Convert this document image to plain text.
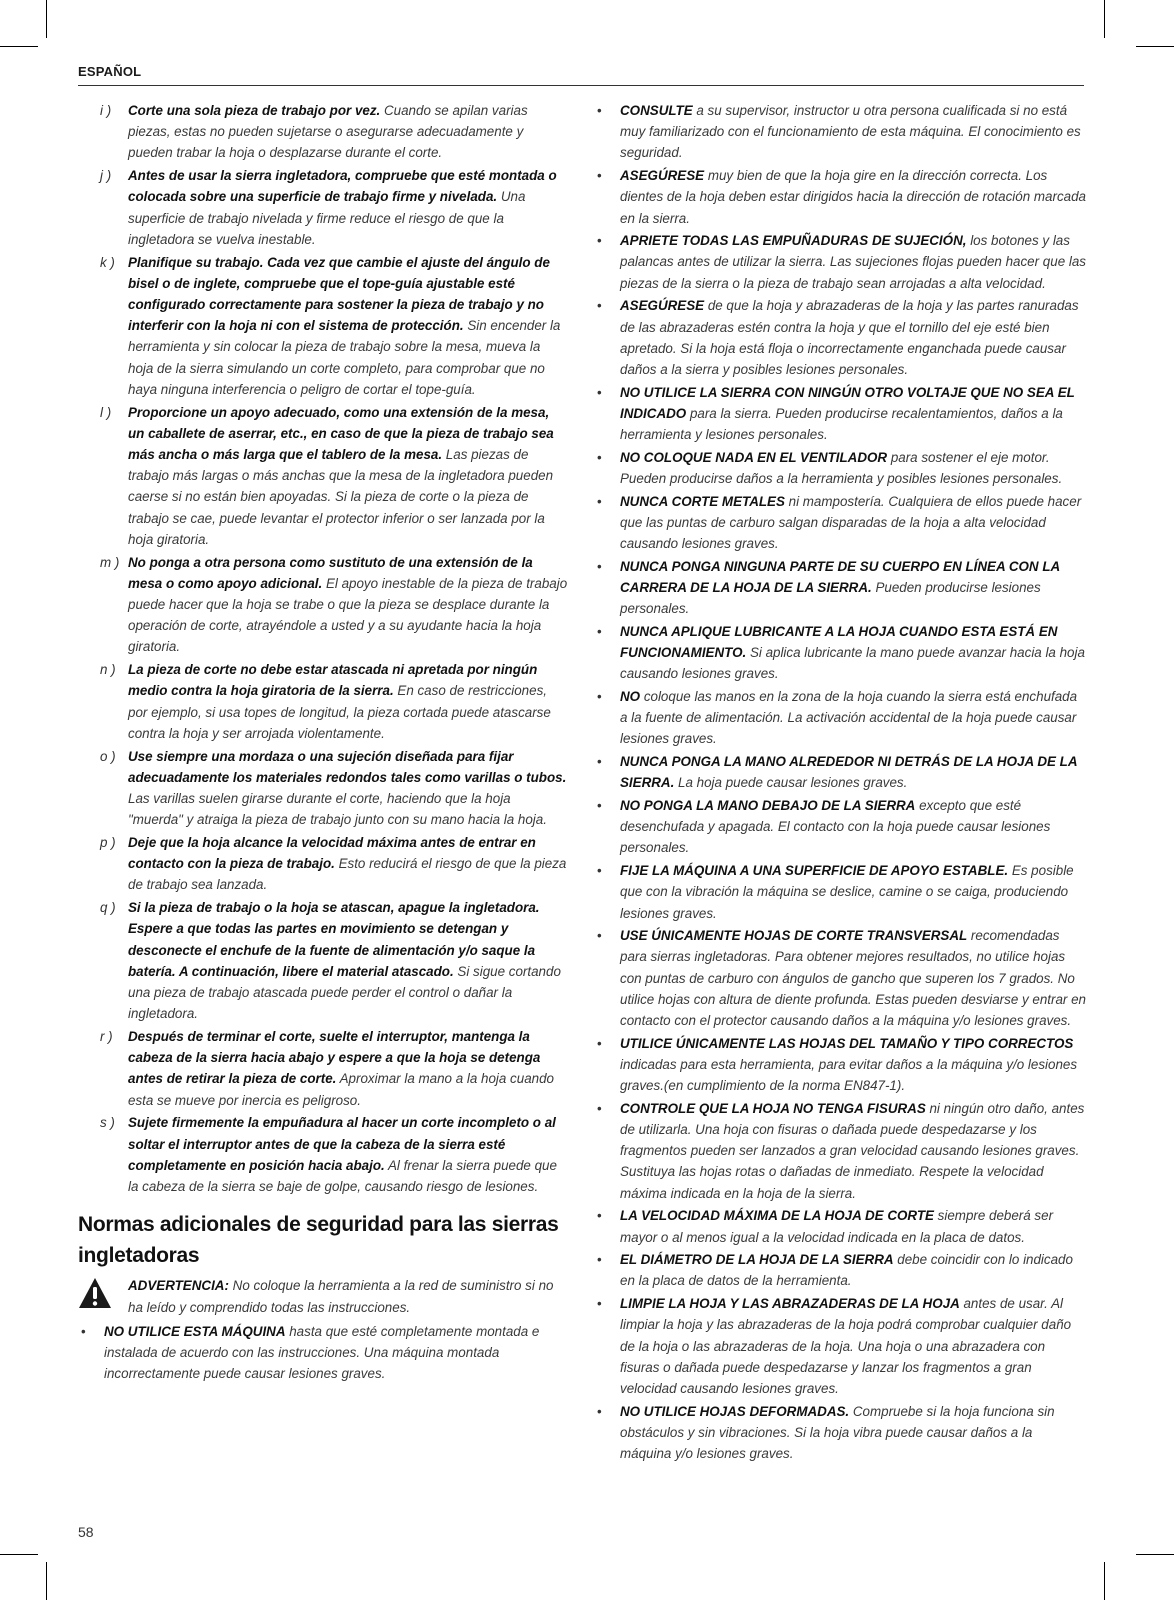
ESPAÑOL
i ) Corte una sola pieza de trabajo por vez. Cuando se apilan varias piezas, estas no pueden sujetarse o asegurarse adecuadamente y pueden trabar la hoja o desplazarse durante el corte.
j ) Antes de usar la sierra ingletadora, compruebe que esté montada o colocada sobre una superficie de trabajo firme y nivelada. Una superficie de trabajo nivelada y firme reduce el riesgo de que la ingletadora se vuelva inestable.
k ) Planifique su trabajo. Cada vez que cambie el ajuste del ángulo de bisel o de inglete, compruebe que el tope-guía ajustable esté configurado correctamente para sostener la pieza de trabajo y no interferir con la hoja ni con el sistema de protección. Sin encender la herramienta y sin colocar la pieza de trabajo sobre la mesa, mueva la hoja de la sierra simulando un corte completo, para comprobar que no haya ninguna interferencia o peligro de cortar el tope-guía.
l ) Proporcione un apoyo adecuado, como una extensión de la mesa, un caballete de aserrar, etc., en caso de que la pieza de trabajo sea más ancha o más larga que el tablero de la mesa. Las piezas de trabajo más largas o más anchas que la mesa de la ingletadora pueden caerse si no están bien apoyadas. Si la pieza de corte o la pieza de trabajo se cae, puede levantar el protector inferior o ser lanzada por la hoja giratoria.
m ) No ponga a otra persona como sustituto de una extensión de la mesa o como apoyo adicional. El apoyo inestable de la pieza de trabajo puede hacer que la hoja se trabe o que la pieza se desplace durante la operación de corte, atrayéndole a usted y a su ayudante hacia la hoja giratoria.
n ) La pieza de corte no debe estar atascada ni apretada por ningún medio contra la hoja giratoria de la sierra. En caso de restricciones, por ejemplo, si usa topes de longitud, la pieza cortada puede atascarse contra la hoja y ser arrojada violentamente.
o ) Use siempre una mordaza o una sujeción diseñada para fijar adecuadamente los materiales redondos tales como varillas o tubos. Las varillas suelen girarse durante el corte, haciendo que la hoja "muerda" y atraiga la pieza de trabajo junto con su mano hacia la hoja.
p ) Deje que la hoja alcance la velocidad máxima antes de entrar en contacto con la pieza de trabajo. Esto reducirá el riesgo de que la pieza de trabajo sea lanzada.
q ) Si la pieza de trabajo o la hoja se atascan, apague la ingletadora. Espere a que todas las partes en movimiento se detengan y desconecte el enchufe de la fuente de alimentación y/o saque la batería. A continuación, libere el material atascado. Si sigue cortando una pieza de trabajo atascada puede perder el control o dañar la ingletadora.
r ) Después de terminar el corte, suelte el interruptor, mantenga la cabeza de la sierra hacia abajo y espere a que la hoja se detenga antes de retirar la pieza de corte. Aproximar la mano a la hoja cuando esta se mueve por inercia es peligroso.
s ) Sujete firmemente la empuñadura al hacer un corte incompleto o al soltar el interruptor antes de que la cabeza de la sierra esté completamente en posición hacia abajo. Al frenar la sierra puede que la cabeza de la sierra se baje de golpe, causando riesgo de lesiones.
Normas adicionales de seguridad para las sierras ingletadoras
ADVERTENCIA: No coloque la herramienta a la red de suministro si no ha leído y comprendido todas las instrucciones.
• NO UTILICE ESTA MÁQUINA hasta que esté completamente montada e instalada de acuerdo con las instrucciones. Una máquina montada incorrectamente puede causar lesiones graves.
• CONSULTE a su supervisor, instructor u otra persona cualificada si no está muy familiarizado con el funcionamiento de esta máquina. El conocimiento es seguridad.
• ASEGÚRESE muy bien de que la hoja gire en la dirección correcta. Los dientes de la hoja deben estar dirigidos hacia la dirección de rotación marcada en la sierra.
• APRIETE TODAS LAS EMPUÑADURAS DE SUJECIÓN, los botones y las palancas antes de utilizar la sierra. Las sujeciones flojas pueden hacer que las piezas de la sierra o la pieza de trabajo sean arrojadas a alta velocidad.
• ASEGÚRESE de que la hoja y abrazaderas de la hoja y las partes ranuradas de las abrazaderas estén contra la hoja y que el tornillo del eje esté bien apretado. Si la hoja está floja o incorrectamente enganchada puede causar daños a la sierra y posibles lesiones personales.
• NO UTILICE LA SIERRA CON NINGÚN OTRO VOLTAJE QUE NO SEA EL INDICADO para la sierra. Pueden producirse recalentamientos, daños a la herramienta y lesiones personales.
• NO COLOQUE NADA EN EL VENTILADOR para sostener el eje motor. Pueden producirse daños a la herramienta y posibles lesiones personales.
• NUNCA CORTE METALES ni mampostería. Cualquiera de ellos puede hacer que las puntas de carburo salgan disparadas de la hoja a alta velocidad causando lesiones graves.
• NUNCA PONGA NINGUNA PARTE DE SU CUERPO EN LÍNEA CON LA CARRERA DE LA HOJA DE LA SIERRA. Pueden producirse lesiones personales.
• NUNCA APLIQUE LUBRICANTE A LA HOJA CUANDO ESTA ESTÁ EN FUNCIONAMIENTO. Si aplica lubricante la mano puede avanzar hacia la hoja causando lesiones graves.
• NO coloque las manos en la zona de la hoja cuando la sierra está enchufada a la fuente de alimentación. La activación accidental de la hoja puede causar lesiones graves.
• NUNCA PONGA LA MANO ALREDEDOR NI DETRÁS DE LA HOJA DE LA SIERRA. La hoja puede causar lesiones graves.
• NO PONGA LA MANO DEBAJO DE LA SIERRA excepto que esté desenchufada y apagada. El contacto con la hoja puede causar lesiones personales.
• FIJE LA MÁQUINA A UNA SUPERFICIE DE APOYO ESTABLE. Es posible que con la vibración la máquina se deslice, camine o se caiga, produciendo lesiones graves.
• USE ÚNICAMENTE HOJAS DE CORTE TRANSVERSAL recomendadas para sierras ingletadoras. Para obtener mejores resultados, no utilice hojas con puntas de carburo con ángulos de gancho que superen los 7 grados. No utilice hojas con altura de diente profunda. Estas pueden desviarse y entrar en contacto con el protector causando daños a la máquina y/o lesiones graves.
• UTILICE ÚNICAMENTE LAS HOJAS DEL TAMAÑO Y TIPO CORRECTOS indicadas para esta herramienta, para evitar daños a la máquina y/o lesiones graves.(en cumplimiento de la norma EN847-1).
• CONTROLE QUE LA HOJA NO TENGA FISURAS ni ningún otro daño, antes de utilizarla. Una hoja con fisuras o dañada puede despedazarse y los fragmentos pueden ser lanzados a gran velocidad causando lesiones graves. Sustituya las hojas rotas o dañadas de inmediato. Respete la velocidad máxima indicada en la hoja de la sierra.
• LA VELOCIDAD MÁXIMA DE LA HOJA DE CORTE siempre deberá ser mayor o al menos igual a la velocidad indicada en la placa de datos.
• EL DIÁMETRO DE LA HOJA DE LA SIERRA debe coincidir con lo indicado en la placa de datos de la herramienta.
• LIMPIE LA HOJA Y LAS ABRAZADERAS DE LA HOJA antes de usar. Al limpiar la hoja y las abrazaderas de la hoja podrá comprobar cualquier daño de la hoja o las abrazaderas de la hoja. Una hoja o una abrazadera con fisuras o dañada puede despedazarse y lanzar los fragmentos a gran velocidad causando lesiones graves.
• NO UTILICE HOJAS DEFORMADAS. Compruebe si la hoja funciona sin obstáculos y sin vibraciones. Si la hoja vibra puede causar daños a la máquina y/o lesiones graves.
58
